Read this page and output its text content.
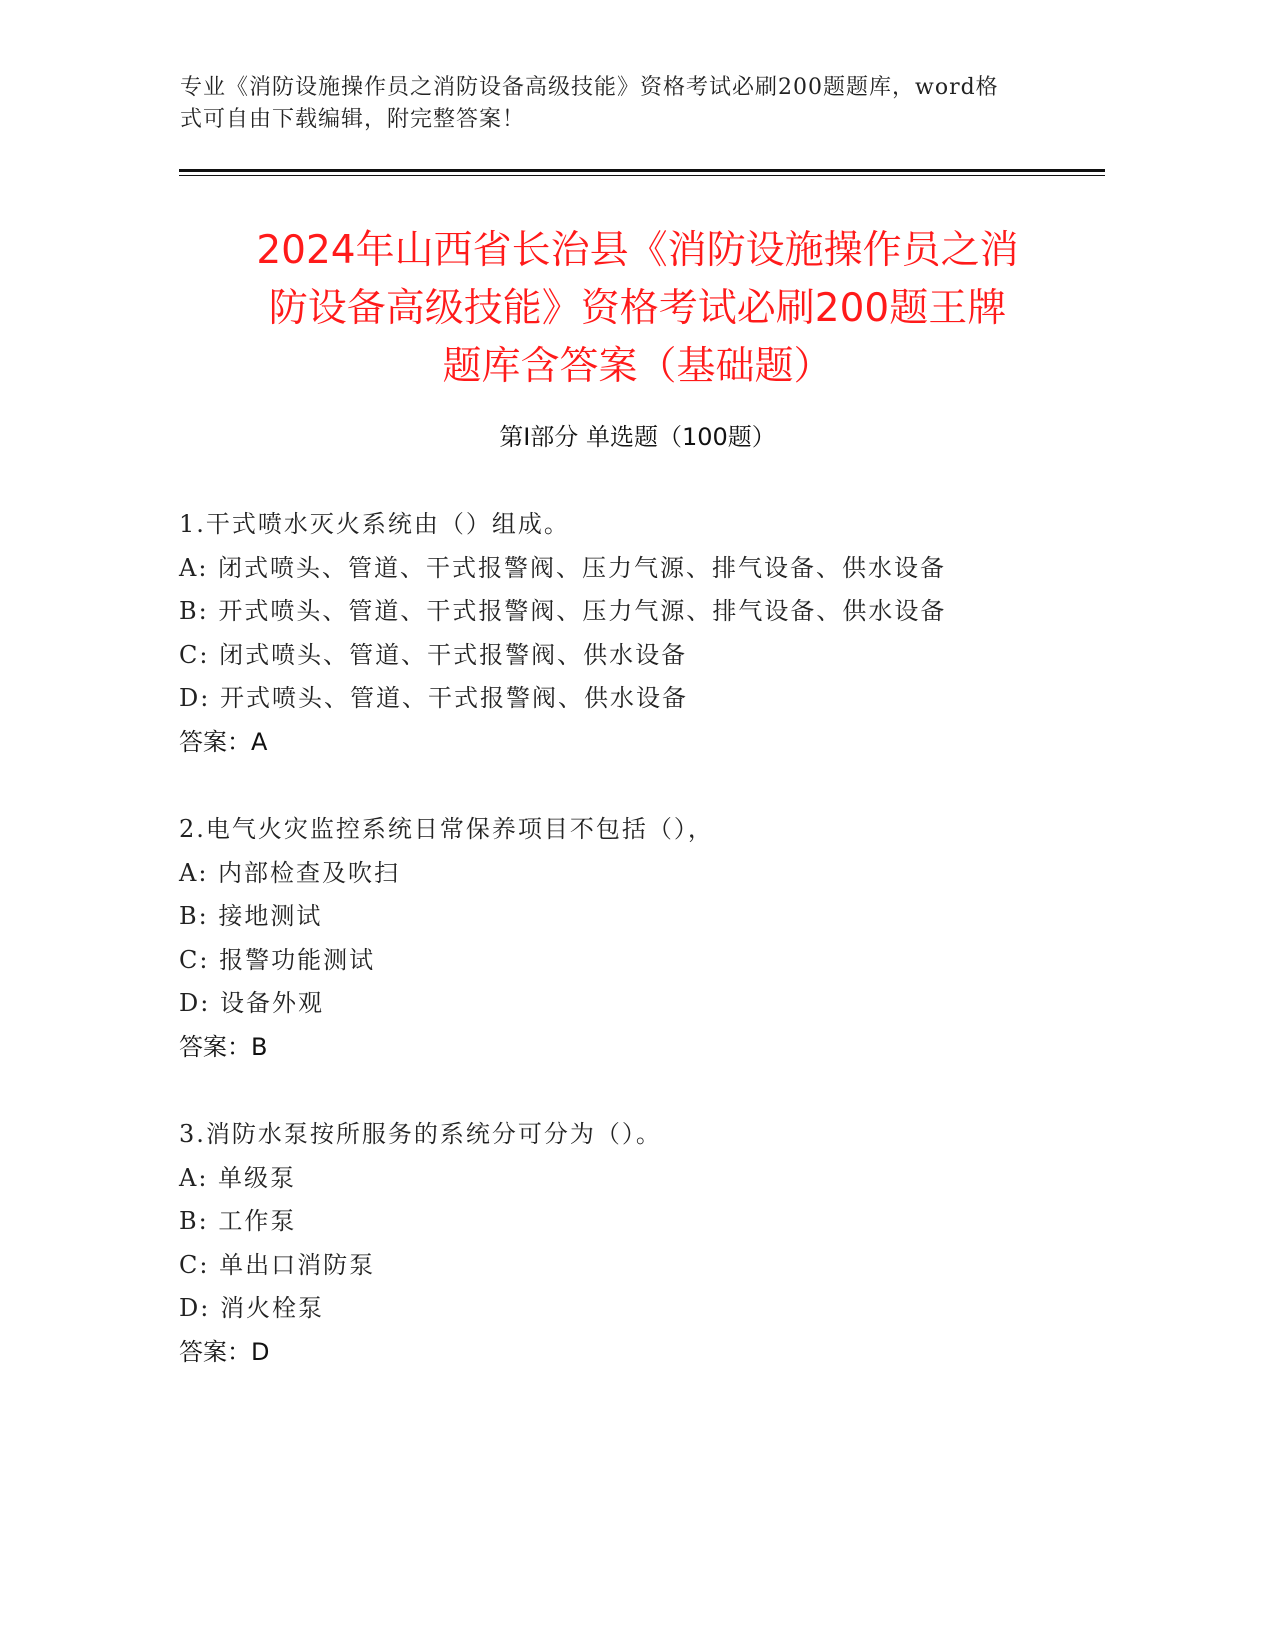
专业《消防设施操作员之消防设备高级技能》资格考试必刷200题题库，word格
式可自由下载编辑，附完整答案！
2024年山西省长治县《消防设施操作员之消
防设备高级技能》资格考试必刷200题王牌
题库含答案（基础题）
第Ⅰ部分 单选题（100题）
1.干式喷水灭火系统由（）组成。
A: 闭式喷头、管道、干式报警阀、压力气源、排气设备、供水设备
B: 开式喷头、管道、干式报警阀、压力气源、排气设备、供水设备
C: 闭式喷头、管道、干式报警阀、供水设备
D: 开式喷头、管道、干式报警阀、供水设备
答案：A
2.电气火灾监控系统日常保养项目不包括（），
A: 内部检查及吹扫
B: 接地测试
C: 报警功能测试
D: 设备外观
答案：B
3.消防水泵按所服务的系统分可分为（）。
A: 单级泵
B: 工作泵
C: 单出口消防泵
D: 消火栓泵
答案：D
